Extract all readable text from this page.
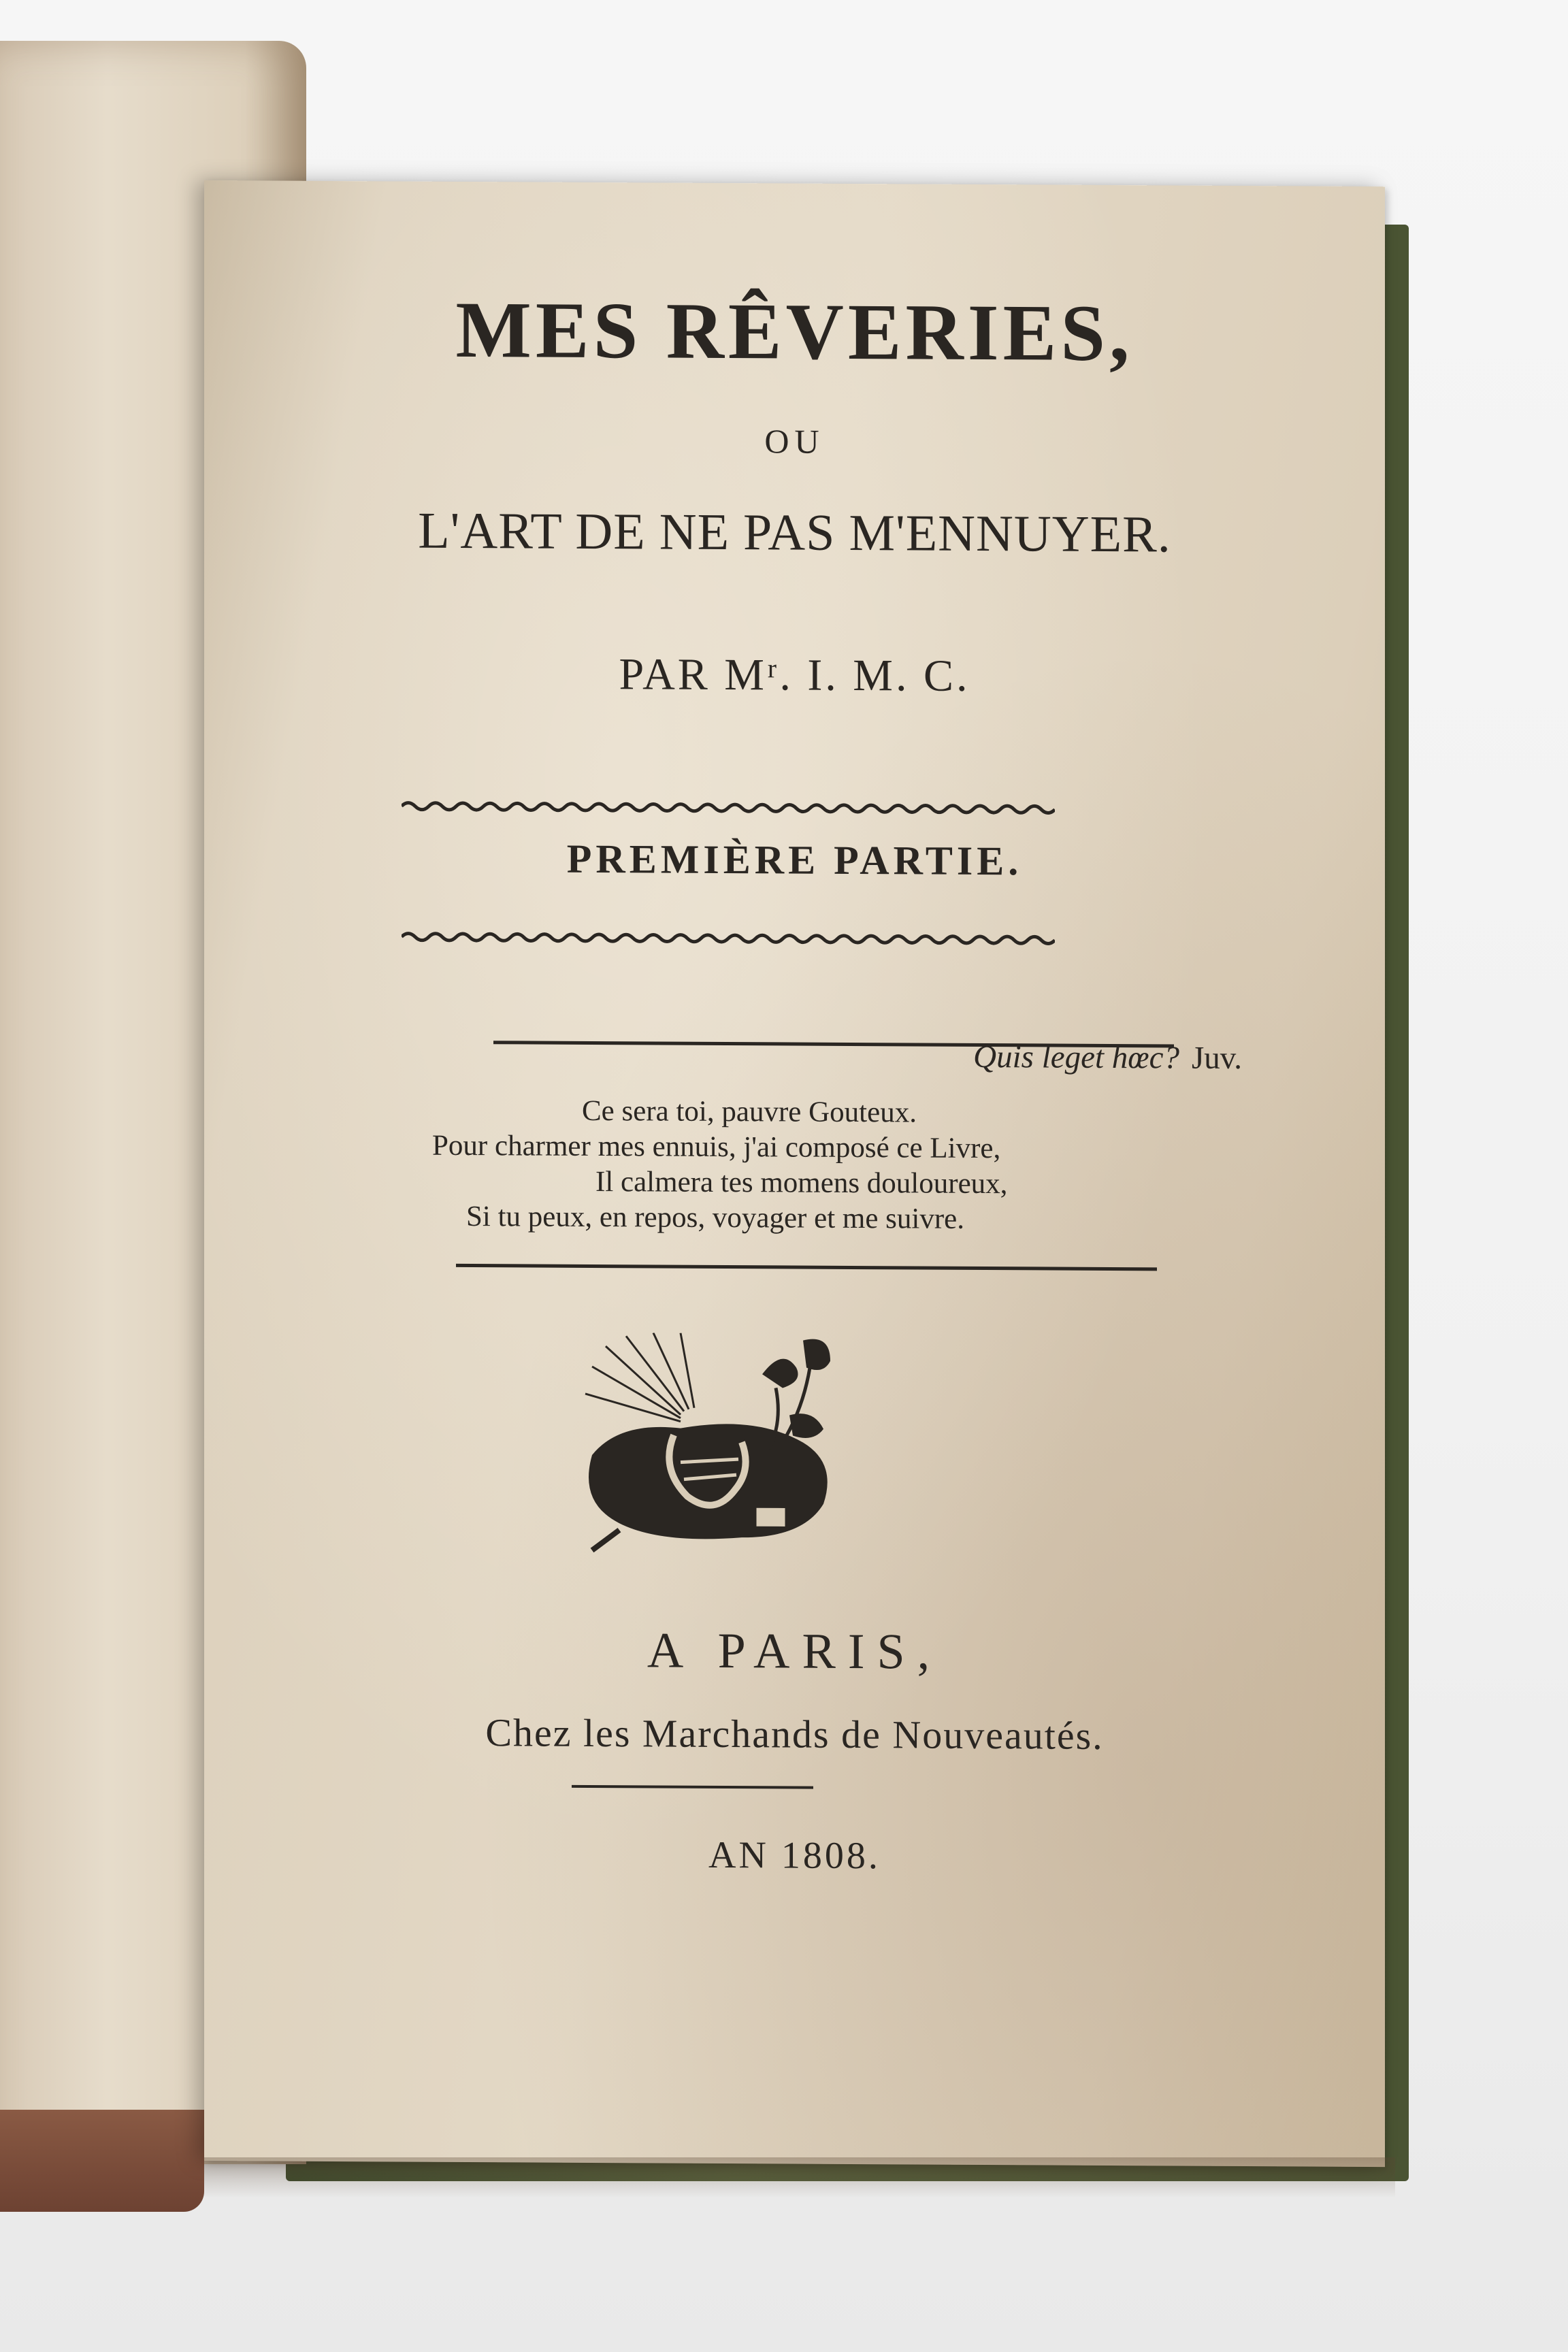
MES RÊVERIES,
OU
L'ART DE NE PAS M'ENNUYER.
PAR Mʳ. I. M. C.
PREMIÈRE PARTIE.
Quis leget hœc? Juv.
Ce sera toi, pauvre Gouteux.
Pour charmer mes ennuis, j'ai composé ce Livre,
Il calmera tes momens douloureux,
Si tu peux, en repos, voyager et me suivre.
A PARIS,
Chez les Marchands de Nouveautés.
AN 1808.
